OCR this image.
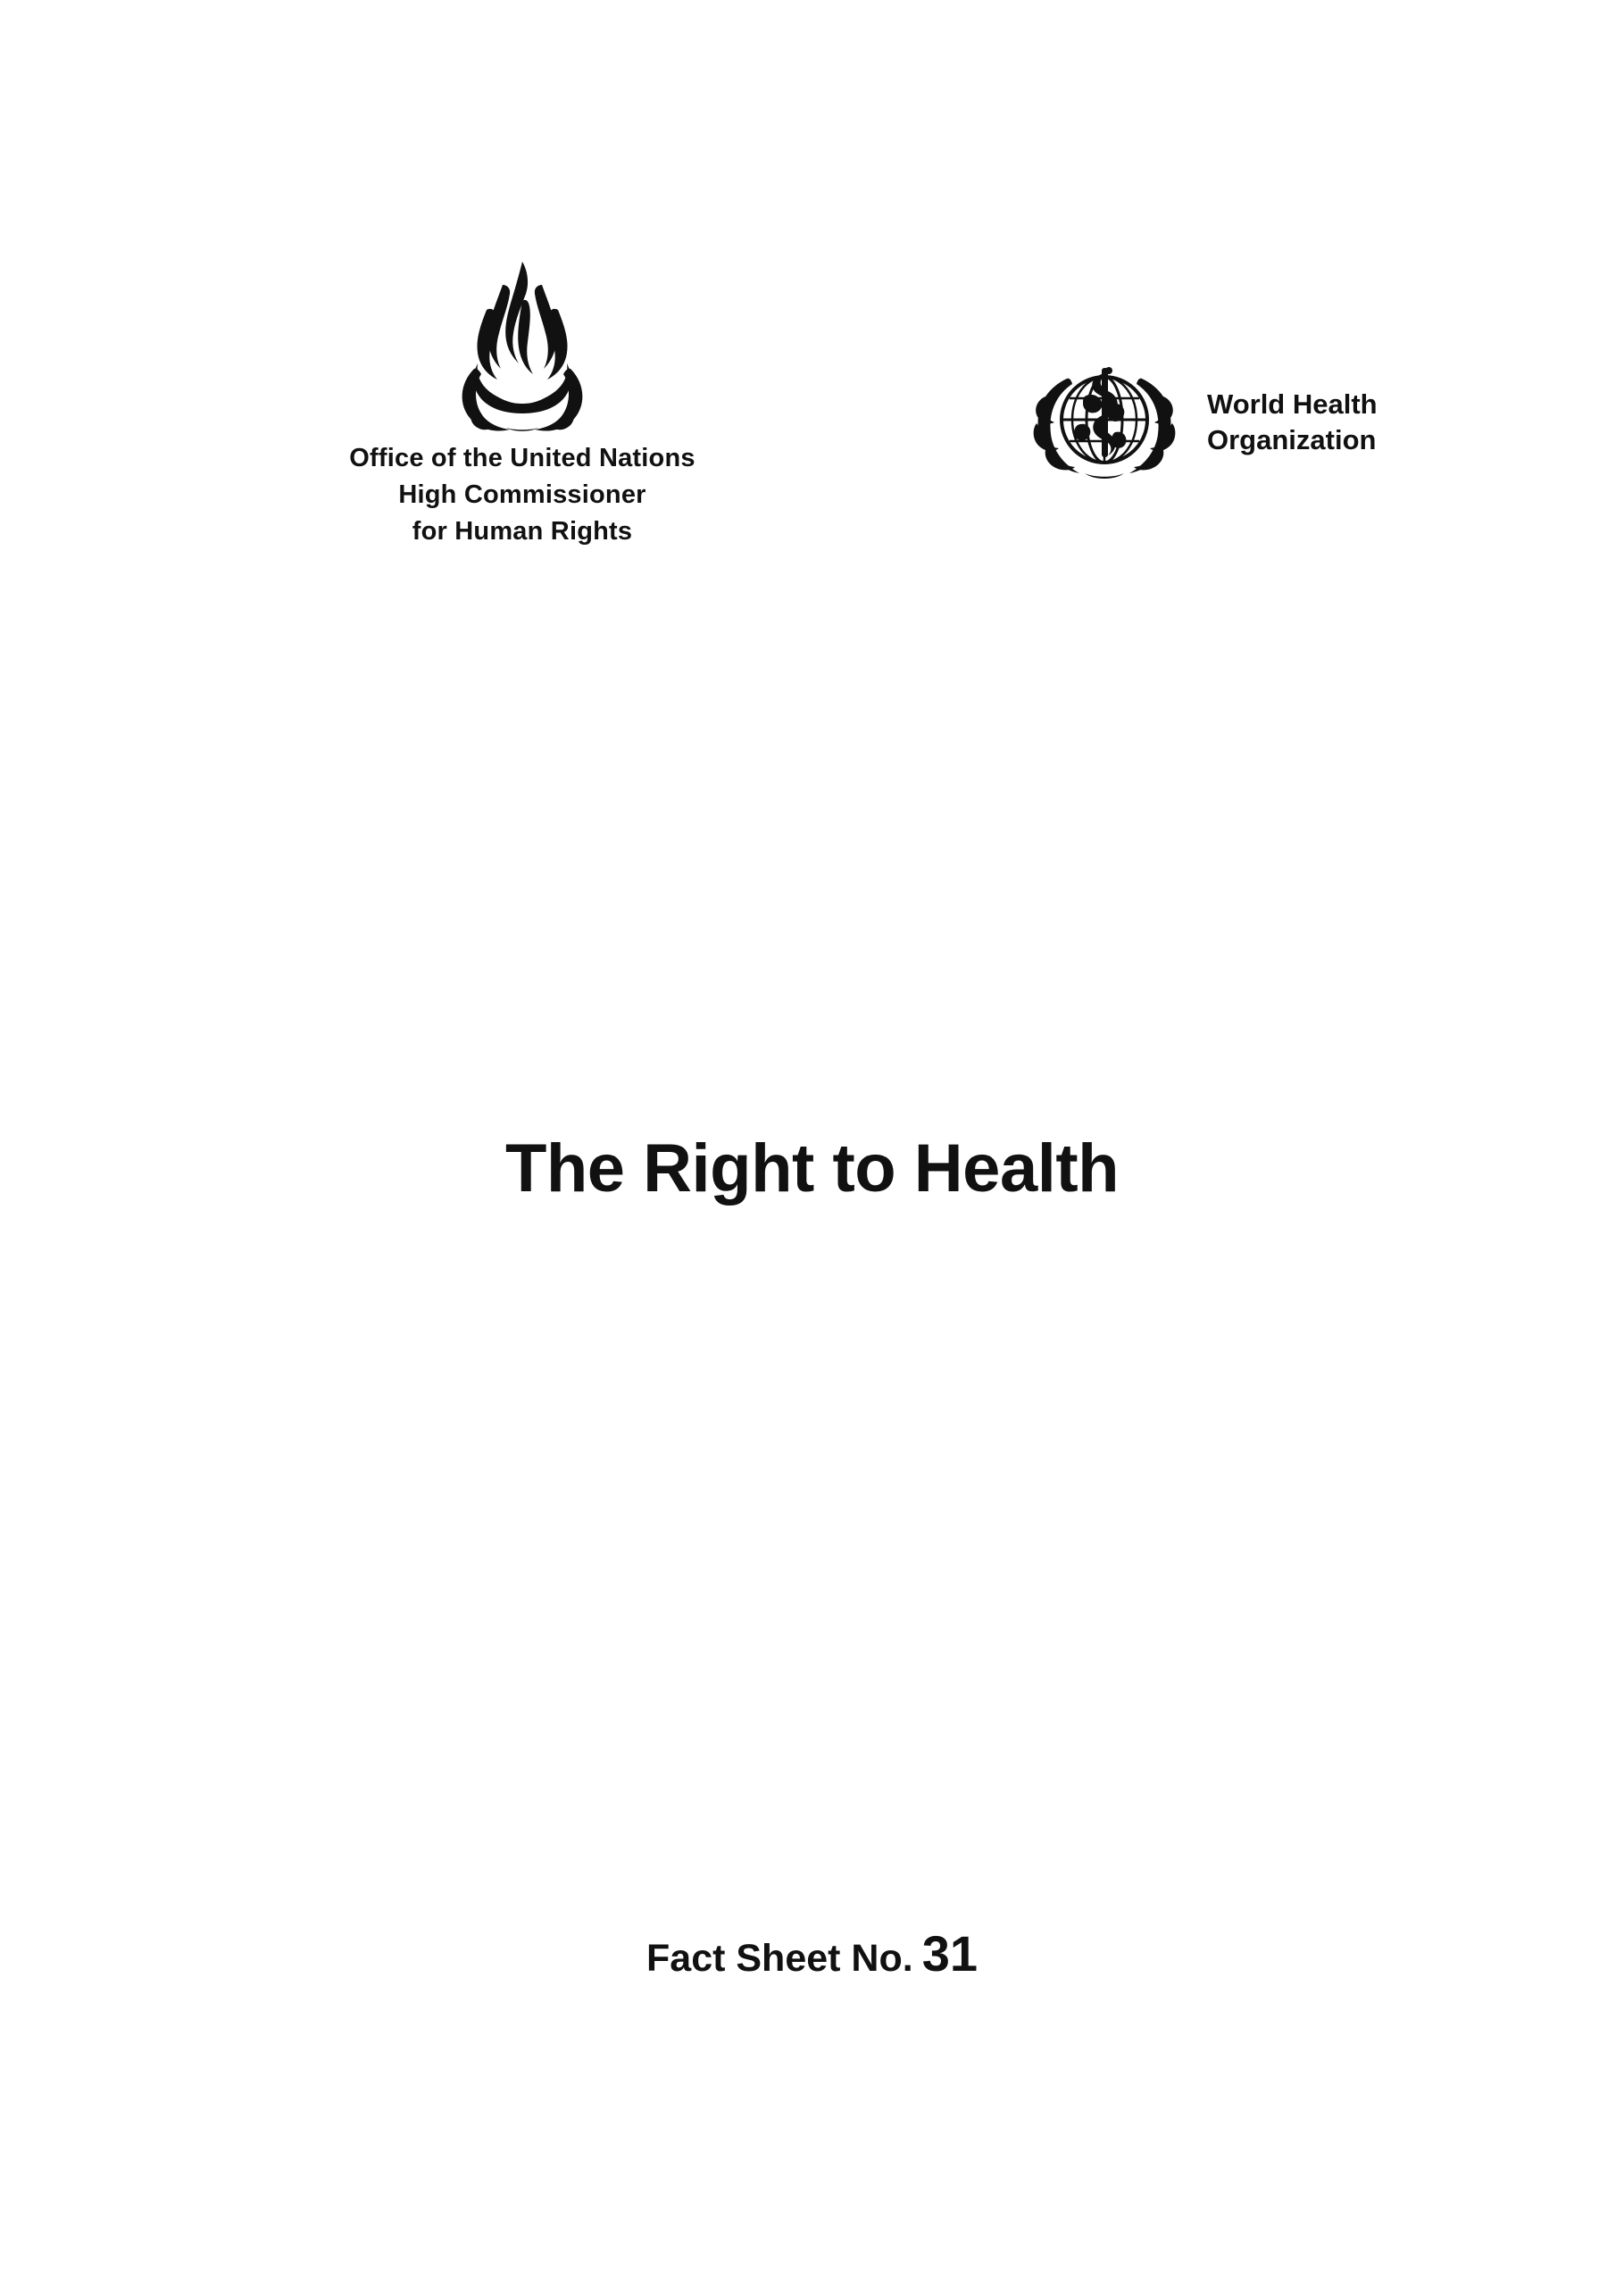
Office of the United Nations
High Commissioner
for Human Rights
World Health
Organization
The Right to Health
Fact Sheet No. 31
